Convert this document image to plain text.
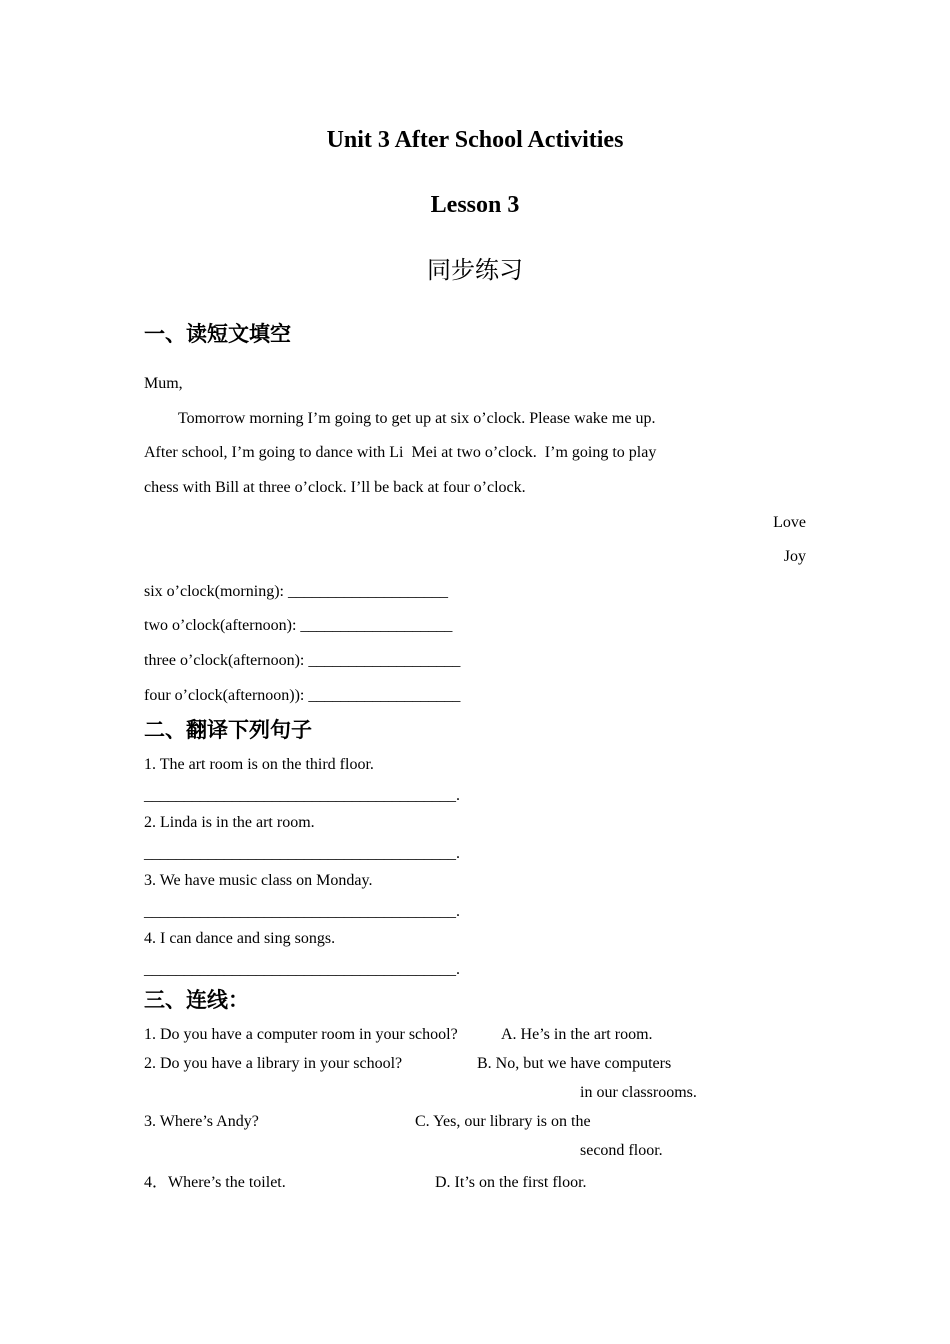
Unit 3 After School Activities
Lesson 3
同步练习
一、读短文填空
Mum,
Tomorrow morning I’m going to get up at six o’clock. Please wake me up.
After school, I’m going to dance with Li  Mei at two o’clock.  I’m going to play
chess with Bill at three o’clock. I’ll be back at four o’clock.
Love
Joy
six o’clock(morning): ____________________
two o’clock(afternoon): ___________________
three o’clock(afternoon): ___________________
four o’clock(afternoon)): ___________________
二、翻译下列句子
1. The art room is on the third floor.
_______________________________________.
2. Linda is in the art room.
_______________________________________.
3. We have music class on Monday.
_______________________________________.
4. I can dance and sing songs.
_______________________________________.
三、连线：
1. Do you have a computer room in your school?	A. He’s in the art room.
2. Do you have a library in your school?	B. No, but we have computers
in our classrooms.
3. Where’s Andy?	C. Yes, our library is on the
second floor.
4．Where’s the toilet.	D. It’s on the first floor.
